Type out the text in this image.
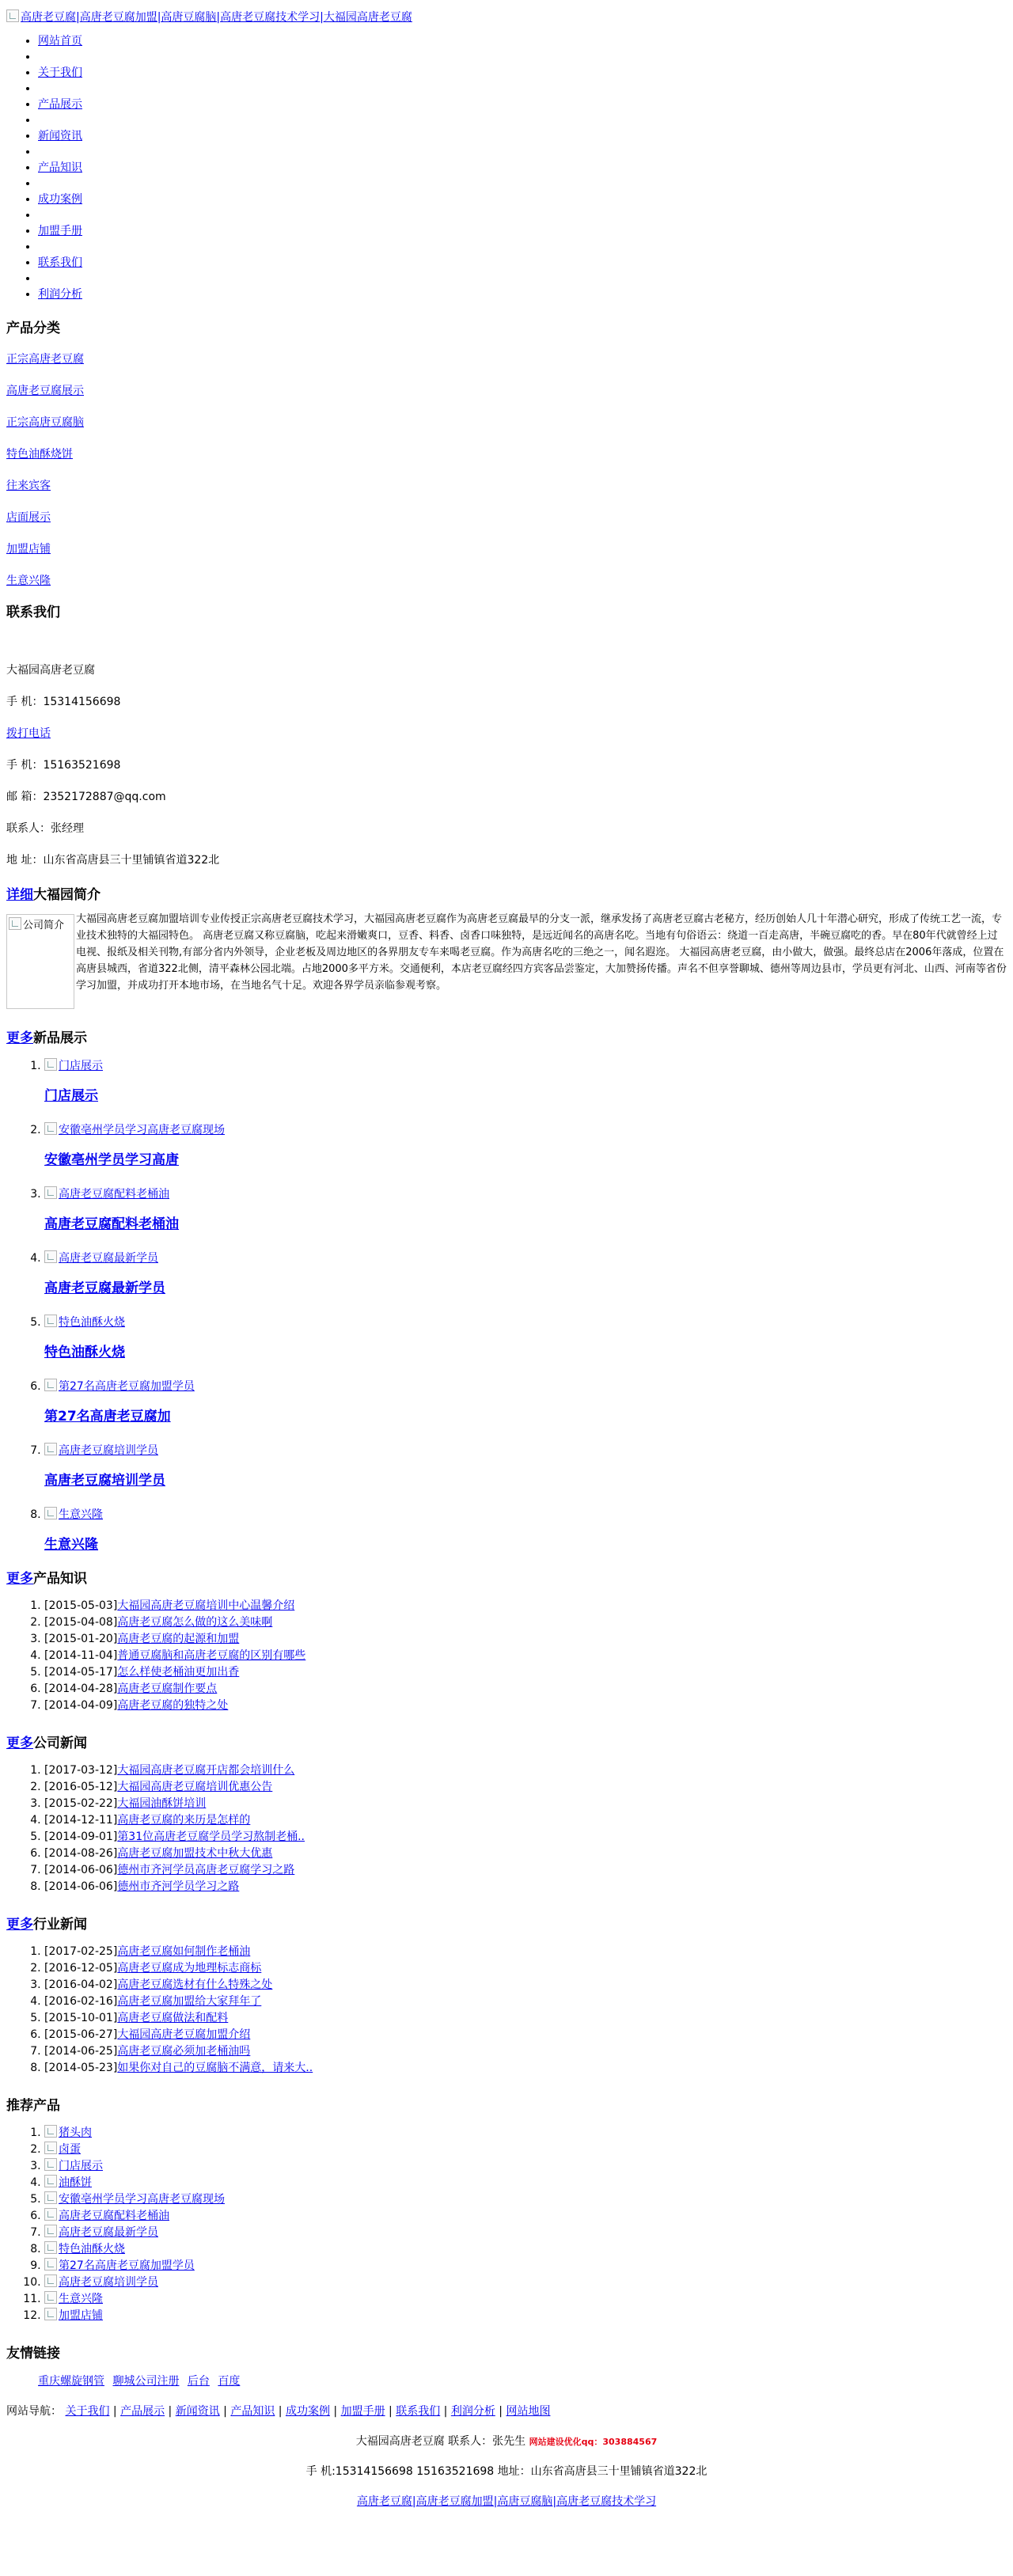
高唐老豆腐|高唐老豆腐加盟|高唐豆腐脑|高唐老豆腐技术学习|大福园高唐老豆腐
• 网站首页
•
• 关于我们
•
• 产品展示
•
• 新闻资讯
•
• 产品知识
•
• 成功案例
•
• 加盟手册
•
• 联系我们
•
• 利润分析
产品分类
正宗高唐老豆腐
高唐老豆腐展示
正宗高唐豆腐脑
特色油酥烧饼
往来宾客
店面展示
加盟店铺
生意兴隆
联系我们

大福园高唐老豆腐

手 机：15314156698

拨打电话

手 机：15163521698

邮 箱：2352172887@qq.com

联系人：张经理

地 址：山东省高唐县三十里铺镇省道322北

详细大福园简介
公司简介
大福园高唐老豆腐加盟培训专业传授正宗高唐老豆腐技术学习，大福园高唐老豆腐作为高唐老豆腐最早的分支一派，继承发扬了高唐老豆腐古老秘方，经历创始人几十年潜心研究，形成了传统工艺一流，专业技术独特的大福园特色。 高唐老豆腐又称豆腐脑，吃起来滑嫩爽口，豆香、料香、卤香口味独特，是远近闻名的高唐名吃。当地有句俗语云：绕道一百走高唐，半碗豆腐吃的香。早在80年代就曾经上过电视、报纸及相关刊物,有部分省内外领导，企业老板及周边地区的各界朋友专车来喝老豆腐。作为高唐名吃的三绝之一，闻名遐迩。 大福园高唐老豆腐，由小做大，做强。最终总店在2006年落成，位置在高唐县城西，省道322北侧，清平森林公园北端。占地2000多平方米。交通便利，本店老豆腐经四方宾客品尝鉴定，大加赞扬传播。声名不但享誉聊城、德州等周边县市，学员更有河北、山西、河南等省份学习加盟，并成功打开本地市场，在当地名气十足。欢迎各界学员亲临参观考察。
更多新品展示
1. 门店展示
门店展示
2. 安徽亳州学员学习高唐老豆腐现场
安徽亳州学员学习高唐
3. 高唐老豆腐配料老桶油
高唐老豆腐配料老桶油
4. 高唐老豆腐最新学员
高唐老豆腐最新学员
5. 特色油酥火烧
特色油酥火烧
6. 第27名高唐老豆腐加盟学员
第27名高唐老豆腐加
7. 高唐老豆腐培训学员
高唐老豆腐培训学员
8. 生意兴隆
生意兴隆
更多产品知识
1. [2015-05-03]大福园高唐老豆腐培训中心温馨介绍
2. [2015-04-08]高唐老豆腐怎么做的这么美味啊
3. [2015-01-20]高唐老豆腐的起源和加盟
4. [2014-11-04]普通豆腐脑和高唐老豆腐的区别有哪些
5. [2014-05-17]怎么样使老桶油更加出香
6. [2014-04-28]高唐老豆腐制作要点
7. [2014-04-09]高唐老豆腐的独特之处
更多公司新闻
1. [2017-03-12]大福园高唐老豆腐开店都会培训什么
2. [2016-05-12]大福园高唐老豆腐培训优惠公告
3. [2015-02-22]大福园油酥饼培训
4. [2014-12-11]高唐老豆腐的来历是怎样的
5. [2014-09-01]第31位高唐老豆腐学员学习熬制老桶..
6. [2014-08-26]高唐老豆腐加盟技术中秋大优惠
7. [2014-06-06]德州市齐河学员高唐老豆腐学习之路
8. [2014-06-06]德州市齐河学员学习之路
更多行业新闻
1. [2017-02-25]高唐老豆腐如何制作老桶油
2. [2016-12-05]高唐老豆腐成为地理标志商标
3. [2016-04-02]高唐老豆腐选材有什么特殊之处
4. [2016-02-16]高唐老豆腐加盟给大家拜年了
5. [2015-10-01]高唐老豆腐做法和配料
6. [2015-06-27]大福园高唐老豆腐加盟介绍
7. [2014-06-25]高唐老豆腐必须加老桶油吗
8. [2014-05-23]如果你对自己的豆腐脑不满意，请来大..
推荐产品
1. 猪头肉
2. 卤蛋
3. 门店展示
4. 油酥饼
5. 安徽亳州学员学习高唐老豆腐现场
6. 高唐老豆腐配料老桶油
7. 高唐老豆腐最新学员
8. 特色油酥火烧
9. 第27名高唐老豆腐加盟学员
10. 高唐老豆腐培训学员
11. 生意兴隆
12. 加盟店铺
友情链接
重庆螺旋钢管 聊城公司注册 后台 百度
网站导航： 关于我们 | 产品展示 | 新闻资讯 | 产品知识 | 成功案例 | 加盟手册 | 联系我们 | 利润分析 | 网站地图
大福园高唐老豆腐 联系人：张先生 网站建设优化qq：303884567
手 机:15314156698 15163521698 地址：山东省高唐县三十里铺镇省道322北
高唐老豆腐|高唐老豆腐加盟|高唐豆腐脑|高唐老豆腐技术学习
